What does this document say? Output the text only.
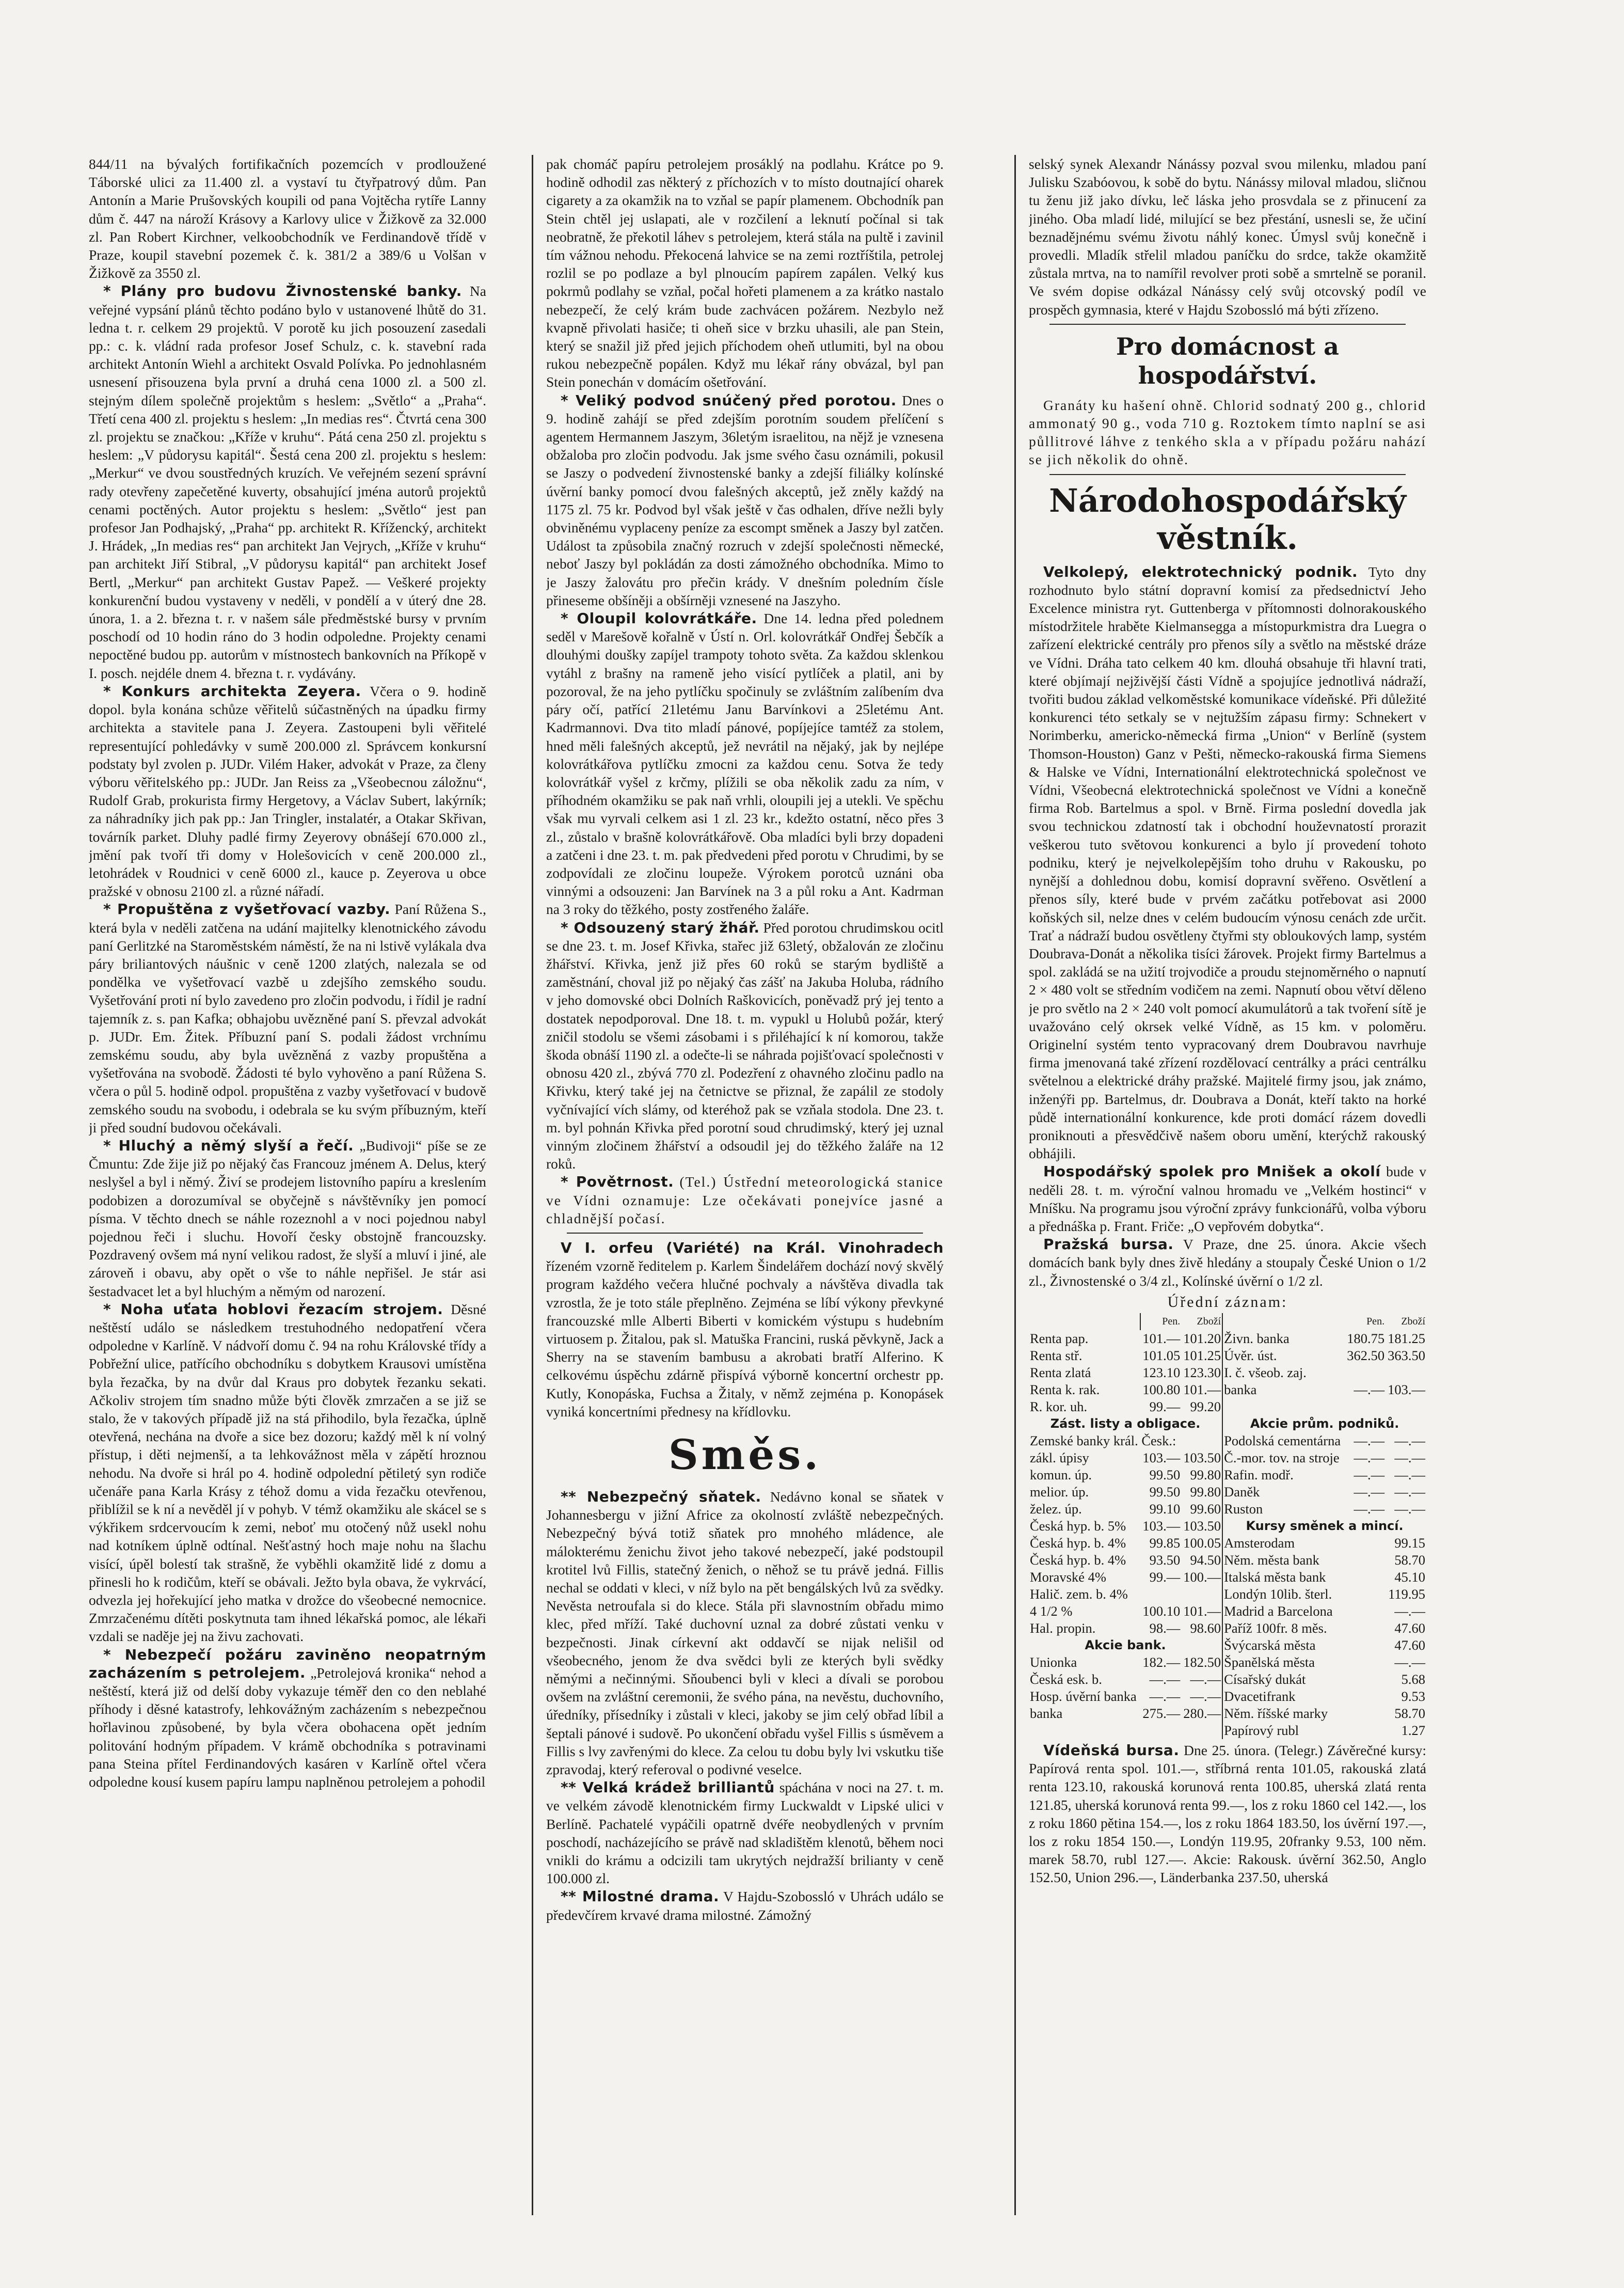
844/11 na bývalých fortifikačních pozemcích v prodloužené Táborské ulici za 11.400 zl. a vystaví tu čtyřpatrový dům. Pan Antonín a Marie Prušovských koupili od pana Vojtěcha rytíře Lanny dům č. 447 na nároží Krásovy a Karlovy ulice v Žižkově za 32.000 zl. Pan Robert Kirchner, velkoobchodník ve Ferdinandově třídě v Praze, koupil stavební pozemek č. k. 381/2 a 389/6 u Volšan v Žižkově za 3550 zl.

* Plány pro budovu Živnostenské banky. Na veřejné vypsání plánů těchto podáno bylo v ustanovené lhůtě do 31. ledna t. r. celkem 29 projektů. V porotě ku jich posouzení zasedali pp.: c. k. vládní rada profesor Josef Schulz, c. k. stavební rada architekt Antonín Wiehl a architekt Osvald Polívka. Po jednohlasném usnesení přisouzena byla první a druhá cena 1000 zl. a 500 zl. stejným dílem společně projektům s heslem: „Světlo“ a „Praha“. Třetí cena 400 zl. projektu s heslem: „In medias res“. Čtvrtá cena 300 zl. projektu se značkou: „Kříže v kruhu“. Pátá cena 250 zl. projektu s heslem: „V půdorysu kapitál“. Šestá cena 200 zl. projektu s heslem: „Merkur“ ve dvou soustředných kruzích. Ve veřejném sezení správní rady otevřeny zapečetěné kuverty, obsahující jména autorů projektů cenami poctěných. Autor projektu s heslem: „Světlo“ jest pan profesor Jan Podhajský, „Praha“ pp. architekt R. Křížencký, architekt J. Hrádek, „In medias res“ pan architekt Jan Vejrych, „Kříže v kruhu“ pan architekt Jiří Stibral, „V půdorysu kapitál“ pan architekt Josef Bertl, „Merkur“ pan architekt Gustav Papež. — Veškeré projekty konkurenční budou vystaveny v neděli, v pondělí a v úterý dne 28. února, 1. a 2. března t. r. v našem sále předměstské bursy v prvním poschodí od 10 hodin ráno do 3 hodin odpoledne. Projekty cenami nepoctěné budou pp. autorům v místnostech bankovních na Příkopě v I. posch. nejdéle dnem 4. března t. r. vydávány.

* Konkurs architekta Zeyera. Včera o 9. hodině dopol. byla konána schůze věřitelů súčastněných na úpadku firmy architekta a stavitele pana J. Zeyera. Zastoupeni byli věřitelé representující pohledávky v sumě 200.000 zl. Správcem konkursní podstaty byl zvolen p. JUDr. Vilém Haker, advokát v Praze, za členy výboru věřitelského pp.: JUDr. Jan Reiss za „Všeobecnou záložnu“, Rudolf Grab, prokurista firmy Hergetovy, a Václav Subert, lakýrník; za náhradníky jich pak pp.: Jan Tringler, instalatér, a Otakar Skřivan, továrník parket. Dluhy padlé firmy Zeyerovy obnášejí 670.000 zl., jmění pak tvoří tři domy v Holešovicích v ceně 200.000 zl., letohrádek v Roudnici v ceně 6000 zl., kauce p. Zeyerova u obce pražské v obnosu 2100 zl. a různé nářadí.

* Propuštěna z vyšetřovací vazby. Paní Růžena S., která byla v neděli zatčena na udání majitelky klenotnického závodu paní Gerlitzké na Staroměstském náměstí, že na ni lstivě vylákala dva páry briliantových náušnic v ceně 1200 zlatých, nalezala se od pondělka ve vyšetřovací vazbě u zdejšího zemského soudu. Vyšetřování proti ní bylo zavedeno pro zločin podvodu, i řídil je radní tajemník z. s. pan Kafka; obhajobu uvězněné paní S. převzal advokát p. JUDr. Em. Žitek. Příbuzní paní S. podali žádost vrchnímu zemskému soudu, aby byla uvězněná z vazby propuštěna a vyšetřována na svobodě. Žádosti té bylo vyhověno a paní Růžena S. včera o půl 5. hodině odpol. propuštěna z vazby vyšetřovací v budově zemského soudu na svobodu, i odebrala se ku svým příbuzným, kteří ji před soudní budovou očekávali.

* Hluchý a němý slyší a řečí. „Budivoji“ píše se ze Čmuntu: Zde žije již po nějaký čas Francouz jménem A. Delus, který neslyšel a byl i němý. Živí se prodejem listovního papíru a kreslením podobizen a dorozumíval se obyčejně s návštěvníky jen pomocí písma. V těchto dnech se náhle rozeznohl a v noci pojednou nabyl pojednou řeči i sluchu. Hovoří česky obstojně francouzsky. Pozdravený ovšem má nyní velikou radost, že slyší a mluví i jiné, ale zároveň i obavu, aby opět o vše to náhle nepřišel. Je stár asi šestadvacet let a byl hluchým a němým od narození.

* Noha uťata hoblovi řezacím strojem. Děsné neštěstí událo se následkem trestuhodného nedopatření včera odpoledne v Karlíně. V nádvoří domu č. 94 na rohu Královské třídy a Pobřežní ulice, patřícího obchodníku s dobytkem Krausovi umístěna byla řezačka, by na dvůr dal Kraus pro dobytek řezanku sekati. Ačkoliv strojem tím snadno může býti člověk zmrzačen a se již se stalo, že v takových případě již na stá přihodilo, byla řezačka, úplně otevřená, nechána na dvoře a sice bez dozoru; každý měl k ní volný přístup, i děti nejmenší, a ta lehkovážnost měla v zápětí hroznou nehodu. Na dvoře si hrál po 4. hodině odpolední pětiletý syn rodiče učenáře pana Karla Krásy z téhož domu a vida řezačku otevřenou, přiblížil se k ní a nevěděl jí v pohyb. V témž okamžiku ale skácel se s výkřikem srdcervoucím k zemi, neboť mu otočený nůž usekl nohu nad kotníkem úplně odtínal. Nešťastný hoch maje nohu na šlachu visící, úpěl bolestí tak strašně, že vyběhli okamžitě lidé z domu a přinesli ho k rodičům, kteří se obávali. Ježto byla obava, že vykrvácí, odvezla jej hořekující jeho matka v drožce do všeobecné nemocnice. Zmrzačenému dítěti poskytnuta tam ihned lékařská pomoc, ale lékaři vzdali se naděje jej na živu zachovati.

* Nebezpečí požáru zaviněno neopatrným zacházením s petrolejem. „Petrolejová kronika“ nehod a neštěstí, která již od delší doby vykazuje téměř den co den neblahé příhody i děsné katastrofy, lehkovážným zacházením s nebezpečnou hořlavinou způsobené, by byla včera obohacena opět jedním politování hodným případem. V krámě obchodníka s potravinami pana Steina přítel Ferdinandových kasáren v Karlíně ořtel včera odpoledne kousí kusem papíru lampu naplněnou petrolejem a pohodil

pak chomáč papíru petrolejem prosáklý na podlahu. Krátce po 9. hodině odhodil zas některý z příchozích v to místo doutnající oharek cigarety a za okamžik na to vzňal se papír plamenem. Obchodník pan Stein chtěl jej uslapati, ale v rozčilení a leknutí počínal si tak neobratně, že překotil láhev s petrolejem, která stála na pultě i zavinil tím vážnou nehodu. Překocená lahvice se na zemi roztříštila, petrolej rozlil se po podlaze a byl plnoucím papírem zapálen. Velký kus pokrmů podlahy se vzňal, počal hořeti plamenem a za krátko nastalo nebezpečí, že celý krám bude zachvácen požárem. Nezbylo než kvapně přivolati hasiče; ti oheň sice v brzku uhasili, ale pan Stein, který se snažil již před jejich příchodem oheň utlumiti, byl na obou rukou nebezpečně popálen. Když mu lékař rány obvázal, byl pan Stein ponechán v domácím ošetřování.

* Veliký podvod snúčený před porotou. Dnes o 9. hodině zahájí se před zdejším porotním soudem přelíčení s agentem Hermannem Jaszym, 36letým israelitou, na nějž je vznesena obžaloba pro zločin podvodu. Jak jsme svého času oznámili, pokusil se Jaszy o podvedení živnostenské banky a zdejší filiálky kolínské úvěrní banky pomocí dvou falešných akceptů, jež zněly každý na 1175 zl. 75 kr. Podvod byl však ještě v čas odhalen, dříve nežli byly obviněnému vyplaceny peníze za escompt směnek a Jaszy byl zatčen. Událost ta způsobila značný rozruch v zdejší společnosti německé, neboť Jaszy byl pokládán za dosti zámožného obchodníka. Mimo to je Jaszy žalovátu pro přečin krády. V dnešním poledním čísle přineseme obšíněji a obšírněji vznesené na Jaszyho.

* Oloupil kolovrátkáře. Dne 14. ledna před polednem seděl v Marešově kořalně v Ústí n. Orl. kolovrátkář Ondřej Šebčík a dlouhými doušky zapíjel trampoty tohoto světa. Za každou sklenkou vytáhl z brašny na rameně jeho visící pytlíček a platil, ani by pozoroval, že na jeho pytlíčku spočinuly se zvláštním zalíbením dva páry očí, patřící 21letému Janu Barvínkovi a 25letému Ant. Kadrmannovi. Dva tito mladí pánové, popíjejíce tamtéž za stolem, hned měli falešných akceptů, jež nevrátil na nějaký, jak by nejlépe kolovrátkářova pytlíčku zmocni za každou cenu. Sotva že tedy kolovrátkář vyšel z krčmy, plížili se oba několik zadu za ním, v příhodném okamžiku se pak naň vrhli, oloupili jej a utekli. Ve spěchu však mu vyrvali celkem asi 1 zl. 23 kr., kdežto ostatní, něco přes 3 zl., zůstalo v brašně kolovrátkářově. Oba mladíci byli brzy dopadeni a zatčeni i dne 23. t. m. pak předvedeni před porotu v Chrudimi, by se zodpovídali ze zločinu loupeže. Výrokem porotců uznáni oba vinnými a odsouzeni: Jan Barvínek na 3 a půl roku a Ant. Kadrman na 3 roky do těžkého, posty zostřeného žaláře.

* Odsouzený starý žhář. Před porotou chrudimskou ocitl se dne 23. t. m. Josef Křivka, stařec již 63letý, obžalován ze zločinu žhářství. Křivka, jenž již přes 60 roků se starým bydliště a zaměstnání, choval již po nějaký čas zášť na Jakuba Holuba, rádního v jeho domovské obci Dolních Raškovicích, poněvadž prý jej tento a dostatek nepodporoval. Dne 18. t. m. vypukl u Holubů požár, který zničil stodolu se všemi zásobami i s přiléhající k ní komorou, takže škoda obnáší 1190 zl. a odečte-li se náhrada pojišťovací společnosti v obnosu 420 zl., zbývá 770 zl. Podezření z ohavného zločinu padlo na Křivku, který také jej na četnictve se přiznal, že zapálil ze stodoly vyčnívající vích slámy, od kteréhož pak se vzňala stodola. Dne 23. t. m. byl pohnán Křivka před porotní soud chrudimský, který jej uznal vinným zločinem žhářství a odsoudil jej do těžkého žaláře na 12 roků.

* Povětrnost. (Tel.) Ústřední meteorologická stanice ve Vídni oznamuje: Lze očekávati ponejvíce jasné a chladnější počasí.

V I. orfeu (Variété) na Král. Vinohradech řízeném vzorně ředitelem p. Karlem Šindelářem dochází nový skvělý program každého večera hlučné pochvaly a návštěva divadla tak vzrostla, že je toto stále přeplněno. Zejména se líbí výkony převkyné francouzské mlle Alberti Biberti v komickém výstupu s hudebním virtuosem p. Žitalou, pak sl. Matuška Francini, ruská pěvkyně, Jack a Sherry na se stavením bambusu a akrobati bratří Alferino. K celkovému úspěchu zdárně přispívá výborně koncertní orchestr pp. Kutly, Konopáska, Fuchsa a Žitaly, v němž zejména p. Konopásek vyniká koncertními přednesy na křídlovku.

Směs.

** Nebezpečný sňatek. Nedávno konal se sňatek v Johannesbergu v jižní Africe za okolností zvláště nebezpečných. Nebezpečný bývá totiž sňatek pro mnohého mládence, ale málokterému ženichu život jeho takové nebezpečí, jaké podstoupil krotitel lvů Fillis, statečný ženich, o něhož se tu právě jedná. Fillis nechal se oddati v kleci, v níž bylo na pět bengálských lvů za svědky. Nevěsta netroufala si do klece. Stála při slavnostním obřadu mimo klec, před mříží. Také duchovní uznal za dobré zůstati venku v bezpečnosti. Jinak církevní akt oddavčí se nijak nelišil od všeobecného, jenom že dva svědci byli ze kterých byli svědky němými a nečinnými. Sňoubenci byli v kleci a dívali se porobou ovšem na zvláštní ceremonii, že svého pána, na nevěstu, duchovního, úředníky, přísedníky i zůstali v kleci, jakoby se jim celý obřad líbil a šeptali pánové i sudově. Po ukončení obřadu vyšel Fillis s úsměvem a Fillis s lvy zavřenými do klece. Za celou tu dobu byly lvi vskutku tiše zpravodaj, který referoval o podivné veselce.

** Velká krádež brilliantů spáchána v noci na 27. t. m. ve velkém závodě klenotnickém firmy Luckwaldt v Lipské ulici v Berlíně. Pachatelé vypáčili opatrně dvéře neobydlených v prvním poschodí, nacházejícího se právě nad skladištěm klenotů, během noci vnikli do krámu a odcizili tam ukrytých nejdražší brilianty v ceně 100.000 zl.

** Milostné drama. V Hajdu-Szobossló v Uhrách událo se předevčírem krvavé drama milostné. Zámožný

selský synek Alexandr Nánássy pozval svou milenku, mladou paní Julisku Szabóovou, k sobě do bytu. Nánássy miloval mladou, sličnou tu ženu již jako dívku, leč láska jeho prosvdala se z přinucení za jiného. Oba mladí lidé, milující se bez přestání, usnesli se, že učiní beznadějnému svému životu náhlý konec. Úmysl svůj konečně i provedli. Mladík střelil mladou paníčku do srdce, takže okamžitě zůstala mrtva, na to namířil revolver proti sobě a smrtelně se poranil. Ve svém dopise odkázal Nánássy celý svůj otcovský podíl ve prospěch gymnasia, které v Hajdu Szobossló má býti zřízeno.

Pro domácnost a hospodářství.

Granáty ku hašení ohně. Chlorid sodnatý 200 g., chlorid ammonatý 90 g., voda 710 g. Roztokem tímto naplní se asi půllitrové láhve z tenkého skla a v případu požáru nahází se jich několik do ohně.

Národohospodářský věstník.

Velkolepý, elektrotechnický podnik. Tyto dny rozhodnuto bylo státní dopravní komisí za předsednictví Jeho Excelence ministra ryt. Guttenberga v přítomnosti dolnorakouského místodržitele hraběte Kielmansegga a místopurkmistra dra Luegra o zařízení elektrické centrály pro přenos síly a světlo na městské dráze ve Vídni. Dráha tato celkem 40 km. dlouhá obsahuje tři hlavní trati, které objímají nejživější části Vídně a spojujíce jednotlivá nádraží, tvořiti budou základ velkoměstské komunikace vídeňské. Při důležité konkurenci této setkaly se v nejtužším zápasu firmy: Schnekert v Norimberku, americko-německá firma „Union“ v Berlíně (system Thomson-Houston) Ganz v Pešti, německo-rakouská firma Siemens & Halske ve Vídni, Internationální elektrotechnická společnost ve Vídni, Všeobecná elektrotechnická společnost ve Vídni a konečně firma Rob. Bartelmus a spol. v Brně. Firma poslední dovedla jak svou technickou zdatností tak i obchodní houževnatostí prorazit veškerou tuto světovou konkurenci a bylo jí provedení tohoto podniku, který je nejvelkolepějším toho druhu v Rakousku, po nynější a dohlednou dobu, komisí dopravní svěřeno. Osvětlení a přenos síly, které bude v prvém začátku potřebovat asi 2000 koňských sil, nelze dnes v celém budoucím výnosu cenách zde určit. Trať a nádraží budou osvětleny čtyřmi sty obloukových lamp, systém Doubrava-Donát a několika tisíci žárovek. Projekt firmy Bartelmus a spol. zakládá se na užití trojvodiče a proudu stejnoměrného o napnutí 2 × 480 volt se středním vodičem na zemi. Napnutí obou větví děleno je pro světlo na 2 × 240 volt pomocí akumulátorů a tak tvoření sítě je uvažováno celý okrsek velké Vídně, as 15 km. v poloměru. Originelní systém tento vypracovaný drem Doubravou navrhuje firma jmenovaná také zřízení rozdělovací centrálky a práci centrálku světelnou a elektrické dráhy pražské. Majitelé firmy jsou, jak známo, inženýři pp. Bartelmus, dr. Doubrava a Donát, kteří takto na horké půdě internationální konkurence, kde proti domácí rázem dovedli proniknouti a přesvědčivě našem oboru umění, kterýchž rakouský obhájili.

Hospodářský spolek pro Mnišek a okolí bude v neděli 28. t. m. výroční valnou hromadu ve „Velkém hostinci“ v Mníšku. Na programu jsou výroční zprávy funkcionářů, volba výboru a přednáška p. Frant. Friče: „O vepřovém dobytka“.

Pražská bursa. V Praze, dne 25. února. Akcie všech domácích bank byly dnes živě hledány a stoupaly České Union o 1/2 zl., Živnostenské o 3/4 zl., Kolínské úvěrní o 1/2 zl.

Úřední záznam:
	Pen.	Zboží		Pen.	Zboží
Renta pap.	101.—	101.20	Živn. banka	180.75	181.25
Renta stř.	101.05	101.25	Úvěr. úst.	362.50	363.50
Renta zlatá	123.10	123.30	I. č. všeob. zaj.		
Renta k. rak.	100.80	101.—	banka	—.—	103.—
R. kor. uh.	99.—	99.20			
Zást. listy a obligace.			Akcie prům. podniků.		
Zemské banky král. Česk.:			Podolská cementárna	—.—	—.—
zákl. úpisy	103.—	103.50	Č.-mor. tov. na stroje	—.—	—.—
komun. úp.	99.50	99.80	Rafin. modř.	—.—	—.—
melior. úp.	99.50	99.80	Daněk	—.—	—.—
želez. úp.	99.10	99.60	Ruston	—.—	—.—
Česká hyp. b. 5%	103.—	103.50	Kursy směnek a mincí.		
Česká hyp. b. 4%	99.85	100.05	Amsterodam		99.15
Česká hyp. b. 4%	93.50	94.50	Něm. města bank		58.70
Moravské 4%	99.—	100.—	Italská města bank		45.10
Halič. zem. b. 4%			Londýn 10lib. šterl.		119.95
4 1/2 %	100.10	101.—	Madrid a Barcelona		—.—
Hal. propin.	98.—	98.60	Paříž 100fr. 8 měs.		47.60
Akcie bank.			Švýcarská města		47.60
Unionka	182.—	182.50	Španělská města		—.—
Česká esk. b.	—.—	—.—	Císařský dukát		5.68
Hosp. úvěrní banka	—.—	—.—	Dvacetifrank		9.53
banka	275.—	280.—	Něm. říšské marky		58.70
			Papírový rubl		1.27

Vídeňská bursa. Dne 25. února. (Telegr.) Závěrečné kursy: Papírová renta spol. 101.—, stříbrná renta 101.05, rakouská zlatá renta 123.10, rakouská korunová renta 100.85, uherská zlatá renta 121.85, uherská korunová renta 99.—, los z roku 1860 cel 142.—, los z roku 1860 pětina 154.—, los z roku 1864 183.50, los úvěrní 197.—, los z roku 1854 150.—, Londýn 119.95, 20franky 9.53, 100 něm. marek 58.70, rubl 127.—. Akcie: Rakousk. úvěrní 362.50, Anglo 152.50, Union 296.—, Länderbanka 237.50, uherská
